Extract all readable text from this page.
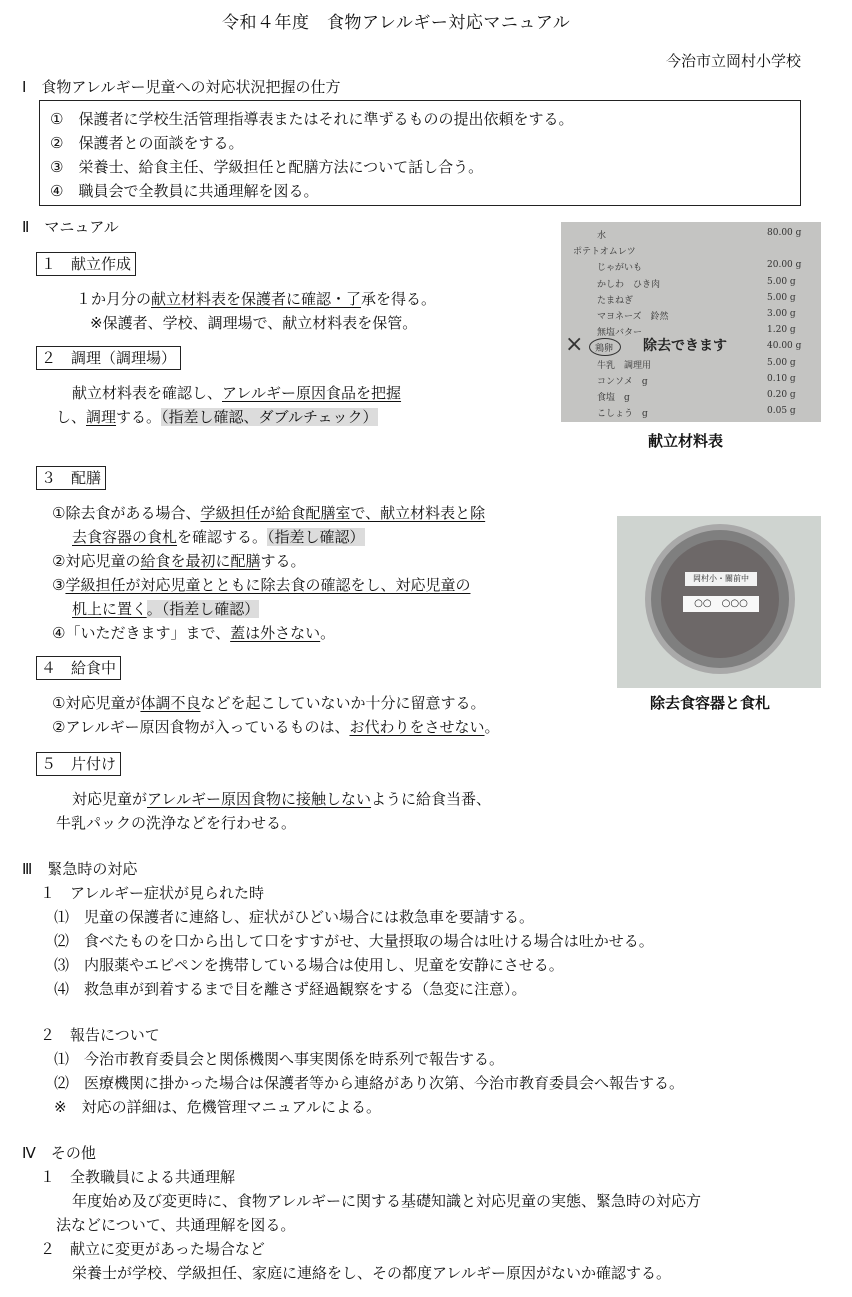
令和４年度　食物アレルギー対応マニュアル
今治市立岡村小学校
Ⅰ　食物アレルギー児童への対応状況把握の仕方
①　保護者に学校生活管理指導表またはそれに準ずるものの提出依頼をする。
②　保護者との面談をする。
③　栄養士、給食主任、学級担任と配膳方法について話し合う。
④　職員会で全教員に共通理解を図る。
Ⅱ　マニュアル
１　献立作成
１か月分の献立材料表を保護者に確認・了承を得る。
※保護者、学校、調理場で、献立材料表を保管。
２　調理（調理場）
献立材料表を確認し、アレルギー原因食品を把握
し、調理する。（指差し確認、ダブルチェック）
３　配膳
①除去食がある場合、学級担任が給食配膳室で、献立材料表と除
去食容器の食札を確認する。（指差し確認）
②対応児童の給食を最初に配膳する。
③学級担任が対応児童とともに除去食の確認をし、対応児童の
机上に置く。（指差し確認）
④「いただきます」まで、蓋は外さない。
４　給食中
①対応児童が体調不良などを起こしていないか十分に留意する。
②アレルギー原因食物が入っているものは、お代わりをさせない。
５　片付け
対応児童がアレルギー原因食物に接触しないように給食当番、
牛乳パックの洗浄などを行わせる。
水	80.00 g
ポテトオムレツ
じゃがいも	20.00 g
かしわ　ひき肉	5.00 g
たまねぎ	5.00 g
マヨネーズ　鈴然	3.00 g
無塩バター	1.20 g
鶏卵	40.00 g
牛乳　調理用	5.00 g
コンソメ　g	0.10 g
食塩　g	0.20 g
こしょう　g	0.05 g
× ○ 除去できます
献立材料表
岡村小・關前中
○○　○○○
除去食容器と食札
Ⅲ　緊急時の対応
１　アレルギー症状が見られた時
⑴　児童の保護者に連絡し、症状がひどい場合には救急車を要請する。
⑵　食べたものを口から出して口をすすがせ、大量摂取の場合は吐ける場合は吐かせる。
⑶　内服薬やエピペンを携帯している場合は使用し、児童を安静にさせる。
⑷　救急車が到着するまで目を離さず経過観察をする（急変に注意）。
２　報告について
⑴　今治市教育委員会と関係機関へ事実関係を時系列で報告する。
⑵　医療機関に掛かった場合は保護者等から連絡があり次第、今治市教育委員会へ報告する。
※　対応の詳細は、危機管理マニュアルによる。
Ⅳ　その他
１　全教職員による共通理解
年度始め及び変更時に、食物アレルギーに関する基礎知識と対応児童の実態、緊急時の対応方
法などについて、共通理解を図る。
２　献立に変更があった場合など
栄養士が学校、学級担任、家庭に連絡をし、その都度アレルギー原因がないか確認する。
